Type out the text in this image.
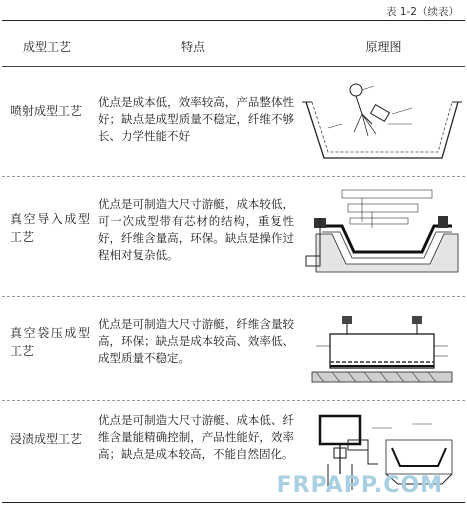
表 1-2（续表）
成型工艺	特点	原理图
喷射成型工艺
优点是成本低，效率较高，产品整体性好；缺点是成型质量不稳定，纤维不够长、力学性能不好
真空导入成型工艺
优点是可制造大尺寸游艇，成本较低，可一次成型带有芯材的结构，重复性好，纤维含量高，环保。缺点是操作过程相对复杂低。
真空袋压成型工艺
优点是可制造大尺寸游艇，纤维含量较高，环保；缺点是成本较高、效率低、成型质量不稳定。
浸渍成型工艺
优点是可制造大尺寸游艇、成本低、纤维含量能精确控制，产品性能好，效率高；缺点是成本较高，不能自然固化。
FRPAPP.COM
